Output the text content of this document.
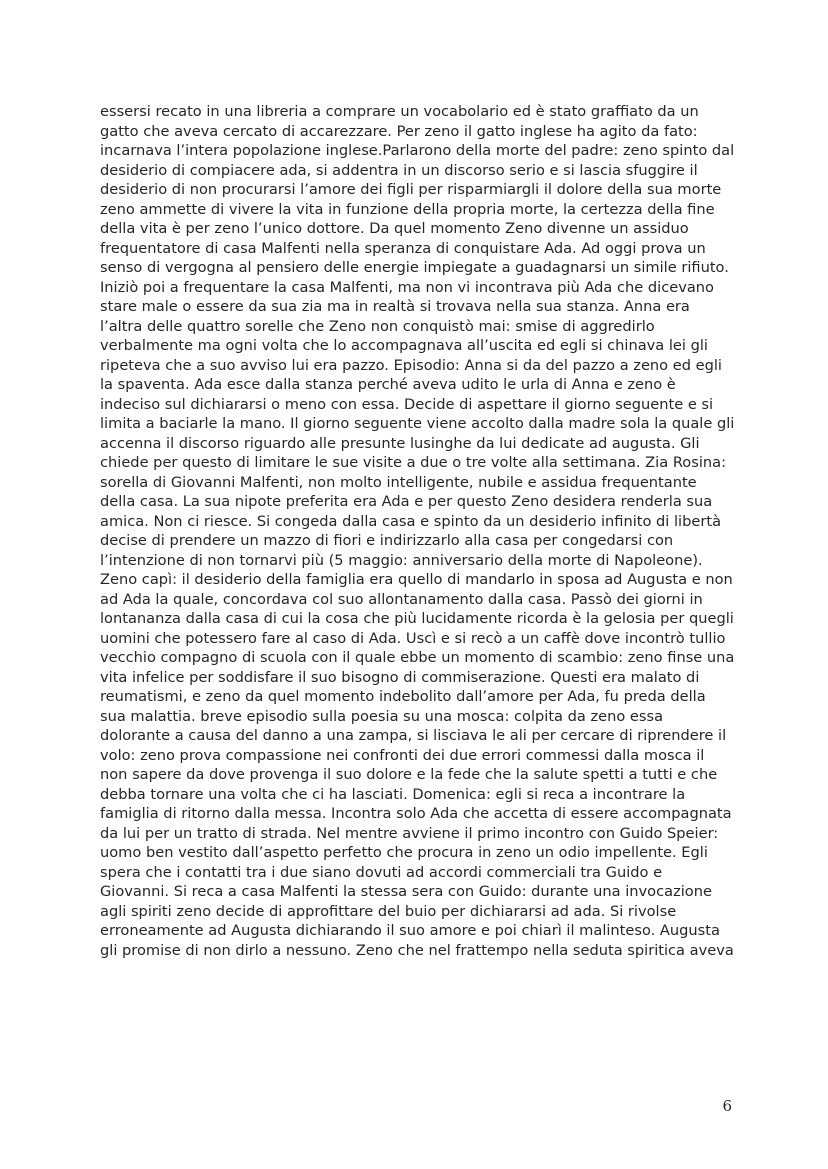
essersi recato in una libreria a comprare un vocabolario ed è stato graffiato da un gatto che aveva cercato di accarezzare. Per zeno il gatto inglese ha agito da fato: incarnava l’intera popolazione inglese.Parlarono della morte del padre: zeno spinto dal desiderio di compiacere ada, si addentra in un discorso serio e si lascia sfuggire il desiderio di non procurarsi l’amore dei figli per risparmiargli il dolore della sua morte zeno ammette di vivere la vita in funzione della propria morte, la certezza della fine della vita è per zeno l’unico dottore. Da quel momento Zeno divenne un assiduo frequentatore di casa Malfenti nella speranza di conquistare Ada. Ad oggi prova un senso di vergogna al pensiero delle energie impiegate a guadagnarsi un simile rifiuto. Iniziò poi a frequentare la casa Malfenti, ma non vi incontrava più Ada che dicevano stare male o essere da sua zia ma in realtà si trovava nella sua stanza. Anna era l’altra delle quattro sorelle che Zeno non conquistò mai: smise di aggredirlo verbalmente ma ogni volta che lo accompagnava all’uscita ed egli si chinava lei gli ripeteva che a suo avviso lui era pazzo. Episodio: Anna si da del pazzo a zeno ed egli la spaventa. Ada esce dalla stanza perché aveva udito le urla di Anna e zeno è indeciso sul dichiararsi o meno con essa. Decide di aspettare il giorno seguente e si limita a baciarle la mano. Il giorno seguente viene accolto dalla madre sola la quale gli accenna il discorso riguardo alle presunte lusinghe da lui dedicate ad augusta. Gli chiede per questo di limitare le sue visite a due o tre volte alla settimana. Zia Rosina: sorella di Giovanni Malfenti, non molto intelligente, nubile e assidua frequentante della casa. La sua nipote preferita era Ada e per questo Zeno desidera renderla sua amica. Non ci riesce. Si congeda dalla casa e spinto da un desiderio infinito di libertà decise di prendere un mazzo di fiori e indirizzarlo alla casa per congedarsi con l’intenzione di non tornarvi più (5 maggio: anniversario della morte di Napoleone). Zeno capì: il desiderio della famiglia era quello di mandarlo in sposa ad Augusta e non ad Ada la quale, concordava col suo allontanamento dalla casa. Passò dei giorni in lontananza dalla casa di cui la cosa che più lucidamente ricorda è la gelosia per quegli uomini che potessero fare al caso di Ada. Uscì e si recò a un caffè dove incontrò tullio vecchio compagno di scuola con il quale ebbe un momento di scambio: zeno finse una vita infelice per soddisfare il suo bisogno di commiserazione. Questi era malato di reumatismi, e zeno da quel momento indebolito dall’amore per Ada, fu preda della sua malattia. breve episodio sulla poesia su una mosca: colpita da zeno essa dolorante a causa del danno a una zampa, si lisciava le ali per cercare di riprendere il volo: zeno prova compassione nei confronti dei due errori commessi dalla mosca il non sapere da dove provenga il suo dolore e la fede che la salute spetti a tutti e che debba tornare una volta che ci ha lasciati. Domenica: egli si reca a incontrare la famiglia di ritorno dalla messa. Incontra solo Ada che accetta di essere accompagnata da lui per un tratto di strada. Nel mentre avviene il primo incontro con Guido Speier: uomo ben vestito dall’aspetto perfetto che procura in zeno un odio impellente. Egli spera che i contatti tra i due siano dovuti ad accordi commerciali tra Guido e Giovanni. Si reca a casa Malfenti la stessa sera con Guido: durante una invocazione agli spiriti zeno decide di approfittare del buio per dichiararsi ad ada. Si rivolse erroneamente ad Augusta dichiarando il suo amore e poi chiarì il malinteso. Augusta gli promise di non dirlo a nessuno. Zeno che nel frattempo nella seduta spiritica aveva

6
